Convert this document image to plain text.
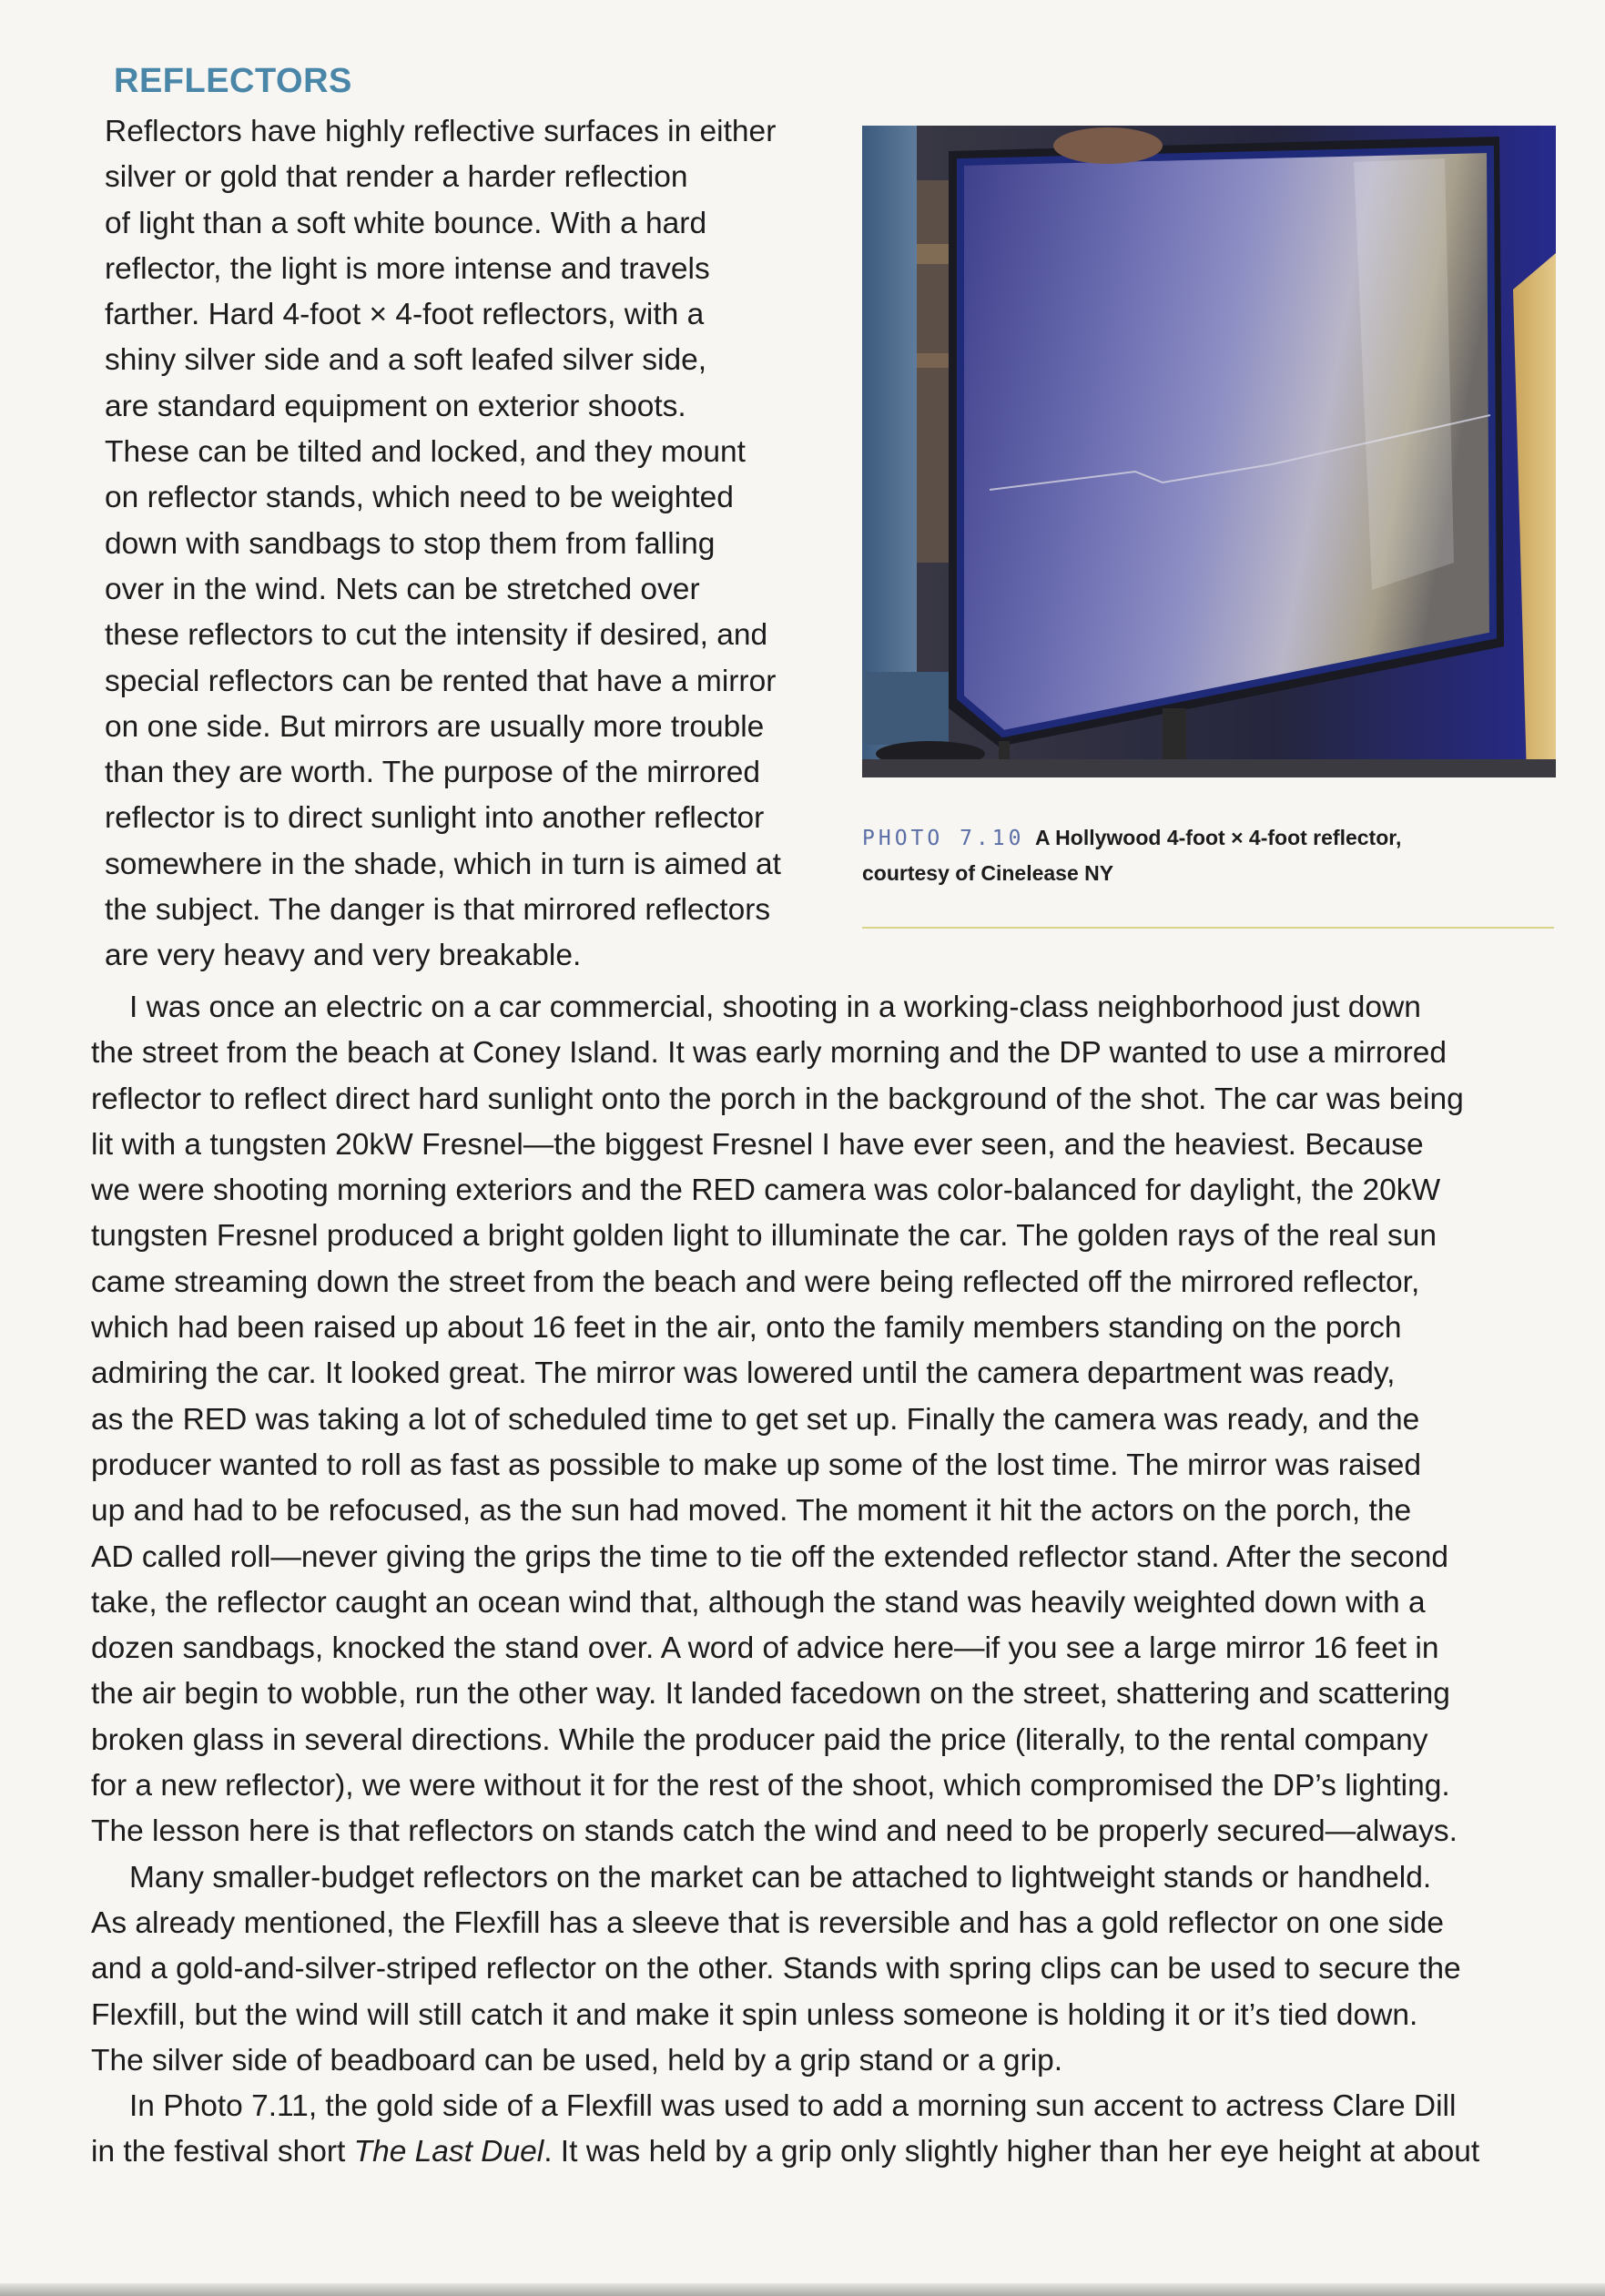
REFLECTORS
Reflectors have highly reflective surfaces in either
silver or gold that render a harder reflection
of light than a soft white bounce. With a hard
reflector, the light is more intense and travels
farther. Hard 4-foot × 4-foot reflectors, with a
shiny silver side and a soft leafed silver side,
are standard equipment on exterior shoots.
These can be tilted and locked, and they mount
on reflector stands, which need to be weighted
down with sandbags to stop them from falling
over in the wind. Nets can be stretched over
these reflectors to cut the intensity if desired, and
special reflectors can be rented that have a mirror
on one side. But mirrors are usually more trouble
than they are worth. The purpose of the mirrored
reflector is to direct sunlight into another reflector
somewhere in the shade, which in turn is aimed at
the subject. The danger is that mirrored reflectors
are very heavy and very breakable.
PHOTO 7.10 A Hollywood 4-foot × 4-foot reflector,
courtesy of Cinelease NY
I was once an electric on a car commercial, shooting in a working-class neighborhood just down
the street from the beach at Coney Island. It was early morning and the DP wanted to use a mirrored
reflector to reflect direct hard sunlight onto the porch in the background of the shot. The car was being
lit with a tungsten 20kW Fresnel—the biggest Fresnel I have ever seen, and the heaviest. Because
we were shooting morning exteriors and the RED camera was color-balanced for daylight, the 20kW
tungsten Fresnel produced a bright golden light to illuminate the car. The golden rays of the real sun
came streaming down the street from the beach and were being reflected off the mirrored reflector,
which had been raised up about 16 feet in the air, onto the family members standing on the porch
admiring the car. It looked great. The mirror was lowered until the camera department was ready,
as the RED was taking a lot of scheduled time to get set up. Finally the camera was ready, and the
producer wanted to roll as fast as possible to make up some of the lost time. The mirror was raised
up and had to be refocused, as the sun had moved. The moment it hit the actors on the porch, the
AD called roll—never giving the grips the time to tie off the extended reflector stand. After the second
take, the reflector caught an ocean wind that, although the stand was heavily weighted down with a
dozen sandbags, knocked the stand over. A word of advice here—if you see a large mirror 16 feet in
the air begin to wobble, run the other way. It landed facedown on the street, shattering and scattering
broken glass in several directions. While the producer paid the price (literally, to the rental company
for a new reflector), we were without it for the rest of the shoot, which compromised the DP’s lighting.
The lesson here is that reflectors on stands catch the wind and need to be properly secured—always.
Many smaller-budget reflectors on the market can be attached to lightweight stands or handheld.
As already mentioned, the Flexfill has a sleeve that is reversible and has a gold reflector on one side
and a gold-and-silver-striped reflector on the other. Stands with spring clips can be used to secure the
Flexfill, but the wind will still catch it and make it spin unless someone is holding it or it’s tied down.
The silver side of beadboard can be used, held by a grip stand or a grip.
In Photo 7.11, the gold side of a Flexfill was used to add a morning sun accent to actress Clare Dill
in the festival short The Last Duel. It was held by a grip only slightly higher than her eye height at about
